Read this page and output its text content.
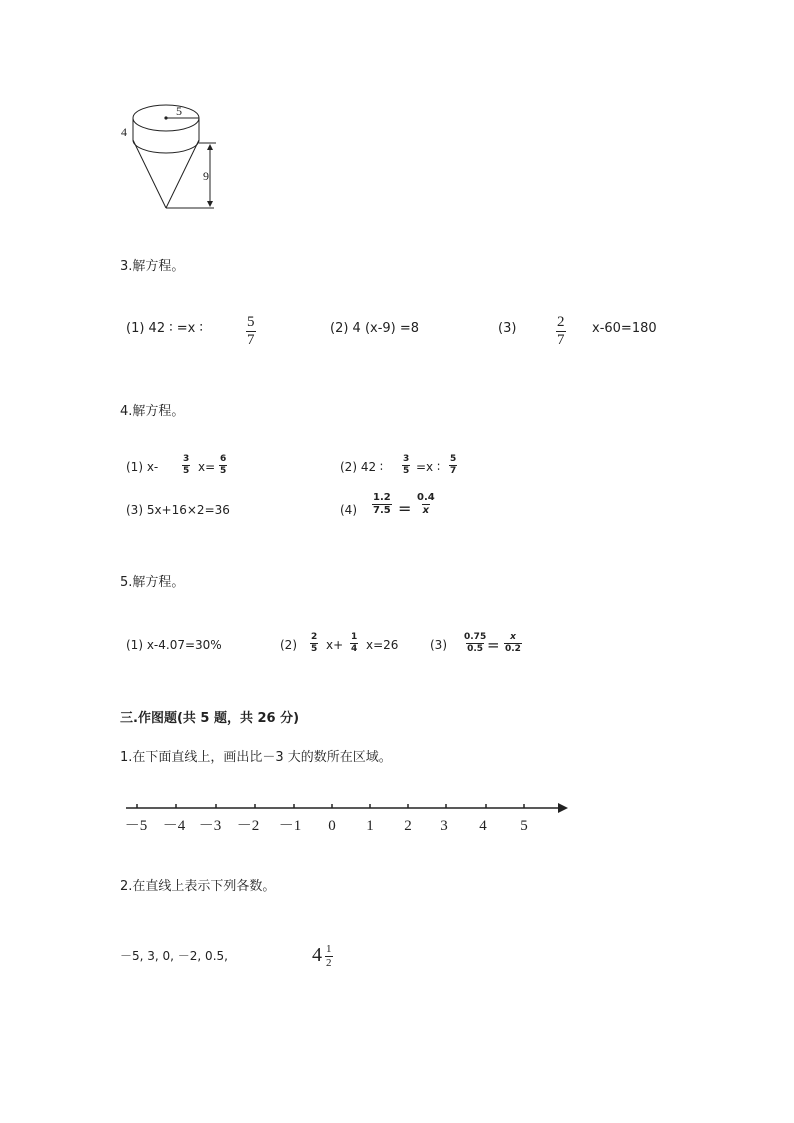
5
4
9
3.解方程。
(1) 42 ∶ =x ∶	$\frac{5}{7}$	(2) 4 (x-9) =8	(3)	$\frac{2}{7} x-60=180$
4.解方程。
(1) x-	$\frac{3}{5} x= \frac{6}{5}$	(2) 42 ∶ $\frac{3}{5} =x$ ∶ $\frac{5}{7}$
(3) 5x+16×2=36	$(4) \frac{1.2}{7.5} = \frac{0.4}{x}$
5.解方程。
(1) x-4.07=30%	$(2) \frac{2}{5} x+ \frac{1}{4} x=26$	$(3) \frac{0.75}{0.5} = \frac{x}{0.2}$
三.作图题(共 5 题，共 26 分)
1.在下面直线上，画出比－3 大的数所在区域。
－5 －4 －3 －2 －1 0 1 2 3 4 5
2.在直线上表示下列各数。
－5, 3, 0, －2, 0.5,	$4 \frac{1}{2}$
